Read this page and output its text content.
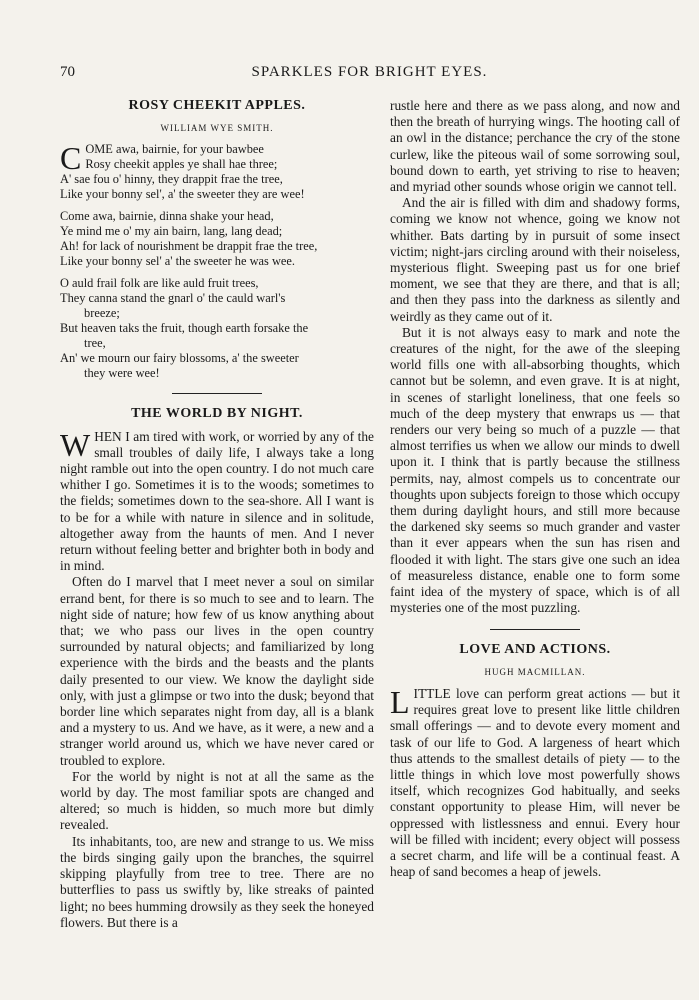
70	SPARKLES FOR BRIGHT EYES.
ROSY CHEEKIT APPLES.
WILLIAM WYE SMITH.
C OME awa, bairnie, for your bawbee
Rosy cheekit apples ye shall hae three;
A' sae fou o' hinny, they drappit frae the tree,
Like your bonny sel', a' the sweeter they are wee!
Come awa, bairnie, dinna shake your head,
Ye mind me o' my ain bairn, lang, lang dead;
Ah! for lack of nourishment be drappit frae the tree,
Like your bonny sel' a' the sweeter he was wee.
O auld frail folk are like auld fruit trees,
They canna stand the gnarl o' the cauld warl's
breeze;
But heaven taks the fruit, though earth forsake the
tree,
An' we mourn our fairy blossoms, a' the sweeter
they were wee!
THE WORLD BY NIGHT.

WHEN I am tired with work, or worried by any of the small troubles of daily life, I always take a long night ramble out into the open country. I do not much care whither I go. Sometimes it is to the woods; sometimes to the fields; sometimes down to the sea-shore. All I want is to be for a while with nature in silence and in solitude, altogether away from the haunts of men. And I never return without feeling better and brighter both in body and in mind.

Often do I marvel that I meet never a soul on similar errand bent, for there is so much to see and to learn. The night side of nature; how few of us know anything about that; we who pass our lives in the open country surrounded by natural objects; and familiarized by long experience with the birds and the beasts and the plants daily presented to our view. We know the daylight side only, with just a glimpse or two into the dusk; beyond that border line which separates night from day, all is a blank and a mystery to us. And we have, as it were, a new and a stranger world around us, which we have never cared or troubled to explore.

For the world by night is not at all the same as the world by day. The most familiar spots are changed and altered; so much is hidden, so much more but dimly revealed.

Its inhabitants, too, are new and strange to us. We miss the birds singing gaily upon the branches, the squirrel skipping playfully from tree to tree. There are no butterflies to pass us swiftly by, like streaks of painted light; no bees humming drowsily as they seek the honeyed flowers. But there is a

rustle here and there as we pass along, and now and then the breath of hurrying wings. The hooting call of an owl in the distance; perchance the cry of the stone curlew, like the piteous wail of some sorrowing soul, bound down to earth, yet striving to rise to heaven; and myriad other sounds whose origin we cannot tell.

And the air is filled with dim and shadowy forms, coming we know not whence, going we know not whither. Bats darting by in pursuit of some insect victim; night-jars circling around with their noiseless, mysterious flight. Sweeping past us for one brief moment, we see that they are there, and that is all; and then they pass into the darkness as silently and weirdly as they came out of it.

But it is not always easy to mark and note the creatures of the night, for the awe of the sleeping world fills one with all-absorbing thoughts, which cannot but be solemn, and even grave. It is at night, in scenes of starlight loneliness, that one feels so much of the deep mystery that enwraps us — that renders our very being so much of a puzzle — that almost terrifies us when we allow our minds to dwell upon it. I think that is partly because the stillness permits, nay, almost compels us to concentrate our thoughts upon subjects foreign to those which occupy them during daylight hours, and still more because the darkened sky seems so much grander and vaster than it ever appears when the sun has risen and flooded it with light. The stars give one such an idea of measureless distance, enable one to form some faint idea of the mystery of space, which is of all mysteries one of the most puzzling.

LOVE AND ACTIONS.
HUGH MACMILLAN.

LITTLE love can perform great actions — but it requires great love to present like little children small offerings — and to devote every moment and task of our life to God. A largeness of heart which thus attends to the smallest details of piety — to the little things in which love most powerfully shows itself, which recognizes God habitually, and seeks constant opportunity to please Him, will never be oppressed with listlessness and ennui. Every hour will be filled with incident; every object will possess a secret charm, and life will be a continual feast. A heap of sand becomes a heap of jewels.
